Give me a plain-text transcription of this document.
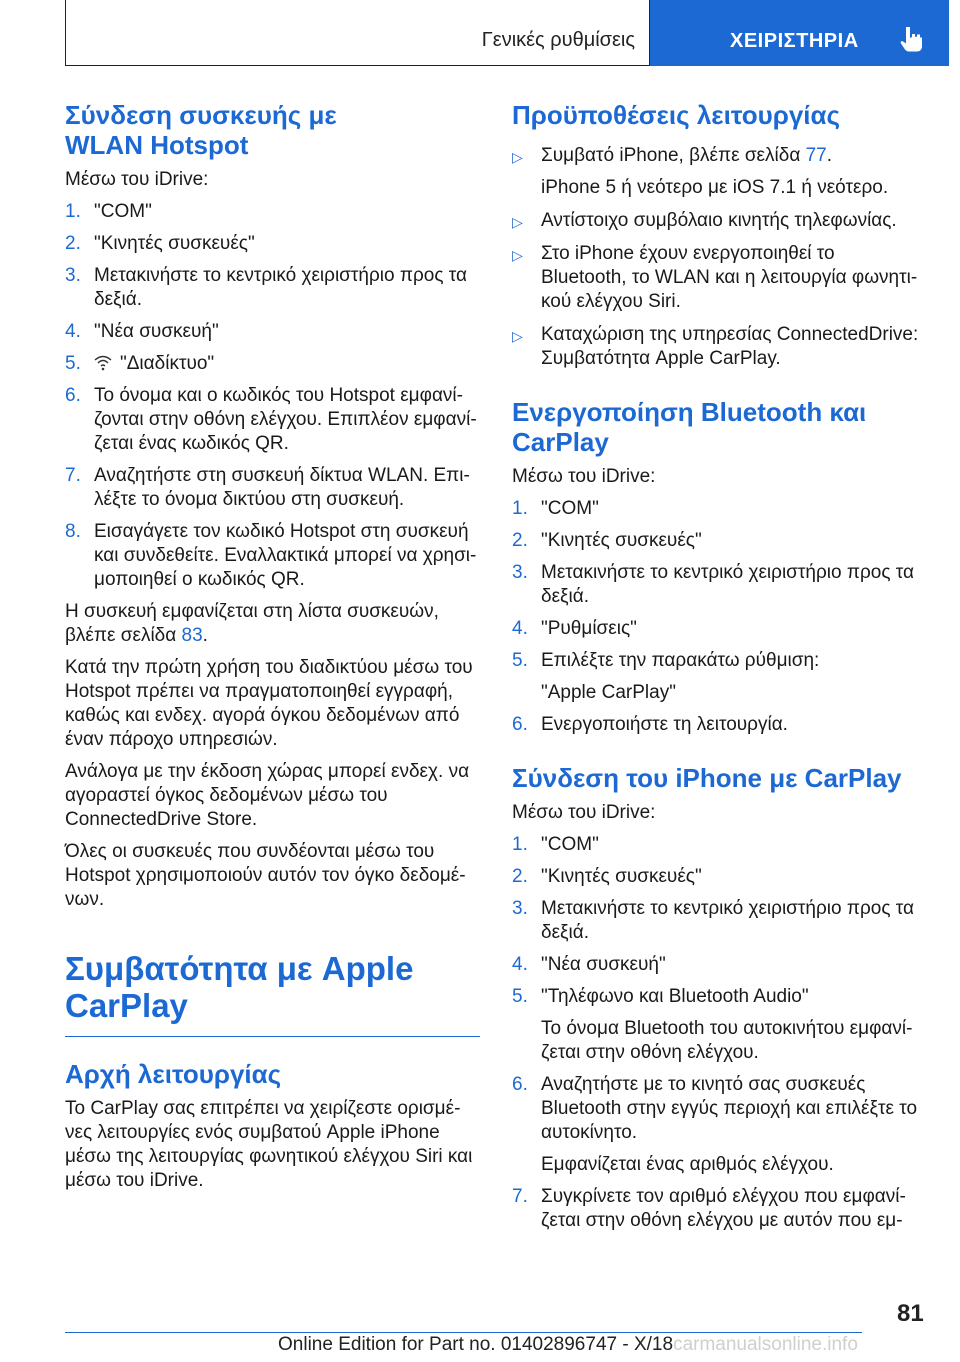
Γενικές ρυθμίσεις	ΧΕΙΡΙΣΤΗΡΙΑ
Σύνδεση συσκευής με
WLAN Hotspot
Μέσω του iDrive:
1. "COM"
2. "Κινητές συσκευές"
3. Μετακινήστε το κεντρικό χειριστήριο προς τα δεξιά.
4. "Νέα συσκευή"
5. "Διαδίκτυο"
6. Το όνομα και ο κωδικός του Hotspot εμφανίζονται στην οθόνη ελέγχου. Επιπλέον εμφανίζεται ένας κωδικός QR.
7. Αναζητήστε στη συσκευή δίκτυα WLAN. Επιλέξτε το όνομα δικτύου στη συσκευή.
8. Εισαγάγετε τον κωδικό Hotspot στη συσκευή και συνδεθείτε. Εναλλακτικά μπορεί να χρησιμοποιηθεί ο κωδικός QR.

Η συσκευή εμφανίζεται στη λίστα συσκευών, βλέπε σελίδα 83.

Κατά την πρώτη χρήση του διαδικτύου μέσω του Hotspot πρέπει να πραγματοποιηθεί εγγραφή, καθώς και ενδεχ. αγορά όγκου δεδομένων από έναν πάροχο υπηρεσιών.

Ανάλογα με την έκδοση χώρας μπορεί ενδεχ. να αγοραστεί όγκος δεδομένων μέσω του ConnectedDrive Store.

Όλες οι συσκευές που συνδέονται μέσω του Hotspot χρησιμοποιούν αυτόν τον όγκο δεδομένων.

Συμβατότητα με Apple
CarPlay
Αρχή λειτουργίας

Το CarPlay σας επιτρέπει να χειρίζεστε ορισμένες λειτουργίες ενός συμβατού Apple iPhone μέσω της λειτουργίας φωνητικού ελέγχου Siri και μέσω του iDrive.

Προϋποθέσεις λειτουργίας
▷ Συμβατό iPhone, βλέπε σελίδα 77.
iPhone 5 ή νεότερο με iOS 7.1 ή νεότερο.
▷ Αντίστοιχο συμβόλαιο κινητής τηλεφωνίας.
▷ Στο iPhone έχουν ενεργοποιηθεί το Bluetooth, το WLAN και η λειτουργία φωνητικού ελέγχου Siri.
▷ Καταχώριση της υπηρεσίας ConnectedDrive: Συμβατότητα Apple CarPlay.
Ενεργοποίηση Bluetooth και
CarPlay
Μέσω του iDrive:
1. "COM"
2. "Κινητές συσκευές"
3. Μετακινήστε το κεντρικό χειριστήριο προς τα δεξιά.
4. "Ρυθμίσεις"
5. Επιλέξτε την παρακάτω ρύθμιση:
"Apple CarPlay"
6. Ενεργοποιήστε τη λειτουργία.
Σύνδεση του iPhone με CarPlay
Μέσω του iDrive:
1. "COM"
2. "Κινητές συσκευές"
3. Μετακινήστε το κεντρικό χειριστήριο προς τα δεξιά.
4. "Νέα συσκευή"
5. "Τηλέφωνο και Bluetooth Audio"
Το όνομα Bluetooth του αυτοκινήτου εμφανίζεται στην οθόνη ελέγχου.
6. Αναζητήστε με το κινητό σας συσκευές Bluetooth στην εγγύς περιοχή και επιλέξτε το αυτοκίνητο.
Εμφανίζεται ένας αριθμός ελέγχου.
7. Συγκρίνετε τον αριθμό ελέγχου που εμφανίζεται στην οθόνη ελέγχου με αυτόν που εμ-
81
Online Edition for Part no. 01402896747 - X/18carmanualsonline.info
